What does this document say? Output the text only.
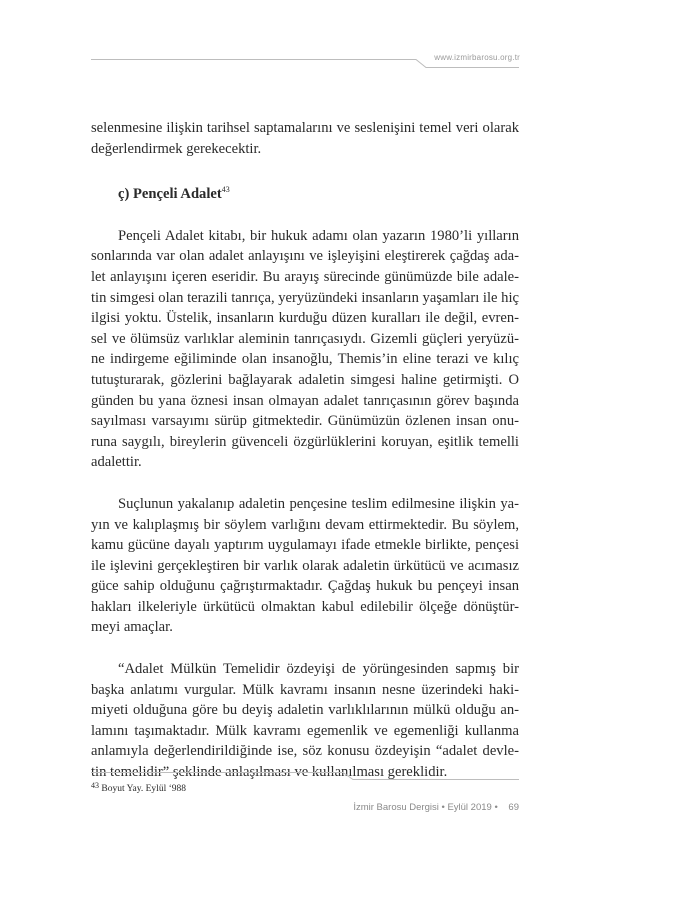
www.izmirbarosu.org.tr
selenmesine ilişkin tarihsel saptamalarını ve seslenişini temel veri olarak
değerlendirmek gerekecektir.
ç) Pençeli Adalet$^{43}$
Pençeli Adalet kitabı, bir hukuk adamı olan yazarın 1980’li yılların
sonlarında var olan adalet anlayışını ve işleyişini eleştirerek çağdaş ada-
let anlayışını içeren eseridir. Bu arayış sürecinde günümüzde bile adale-
tin simgesi olan terazili tanrıça, yeryüzündeki insanların yaşamları ile hiç
ilgisi yoktu. Üstelik, insanların kurduğu düzen kuralları ile değil, evren-
sel ve ölümsüz varlıklar aleminin tanrıçasıydı. Gizemli güçleri yeryüzü-
ne indirgeme eğiliminde olan insanoğlu, Themis’in eline terazi ve kılıç
tutuşturarak, gözlerini bağlayarak adaletin simgesi haline getirmişti. O
günden bu yana öznesi insan olmayan adalet tanrıçasının görev başında
sayılması varsayımı sürüp gitmektedir. Günümüzün özlenen insan onu-
runa saygılı, bireylerin güvenceli özgürlüklerini koruyan, eşitlik temelli
adalettir.
Suçlunun yakalanıp adaletin pençesine teslim edilmesine ilişkin ya-
yın ve kalıplaşmış bir söylem varlığını devam ettirmektedir. Bu söylem,
kamu gücüne dayalı yaptırım uygulamayı ifade etmekle birlikte, pençesi
ile işlevini gerçekleştiren bir varlık olarak adaletin ürkütücü ve acımasız
güce sahip olduğunu çağrıştırmaktadır. Çağdaş hukuk bu pençeyi insan
hakları ilkeleriyle ürkütücü olmaktan kabul edilebilir ölçeğe dönüştür-
meyi amaçlar.
“Adalet Mülkün Temelidir özdeyişi de yörüngesinden sapmış bir
başka anlatımı vurgular. Mülk kavramı insanın nesne üzerindeki haki-
miyeti olduğuna göre bu deyiş adaletin varlıklılarının mülkü olduğu an-
lamını taşımaktadır. Mülk kavramı egemenlik ve egemenliği kullanma
anlamıyla değerlendirildiğinde ise, söz konusu özdeyişin “adalet devle-
tin temelidir” şeklinde anlaşılması ve kullanılması gereklidir.
$^{43}$ Boyut Yay. Eylül ‘988
İzmir Barosu Dergisi • Eylül 2019 • 69
